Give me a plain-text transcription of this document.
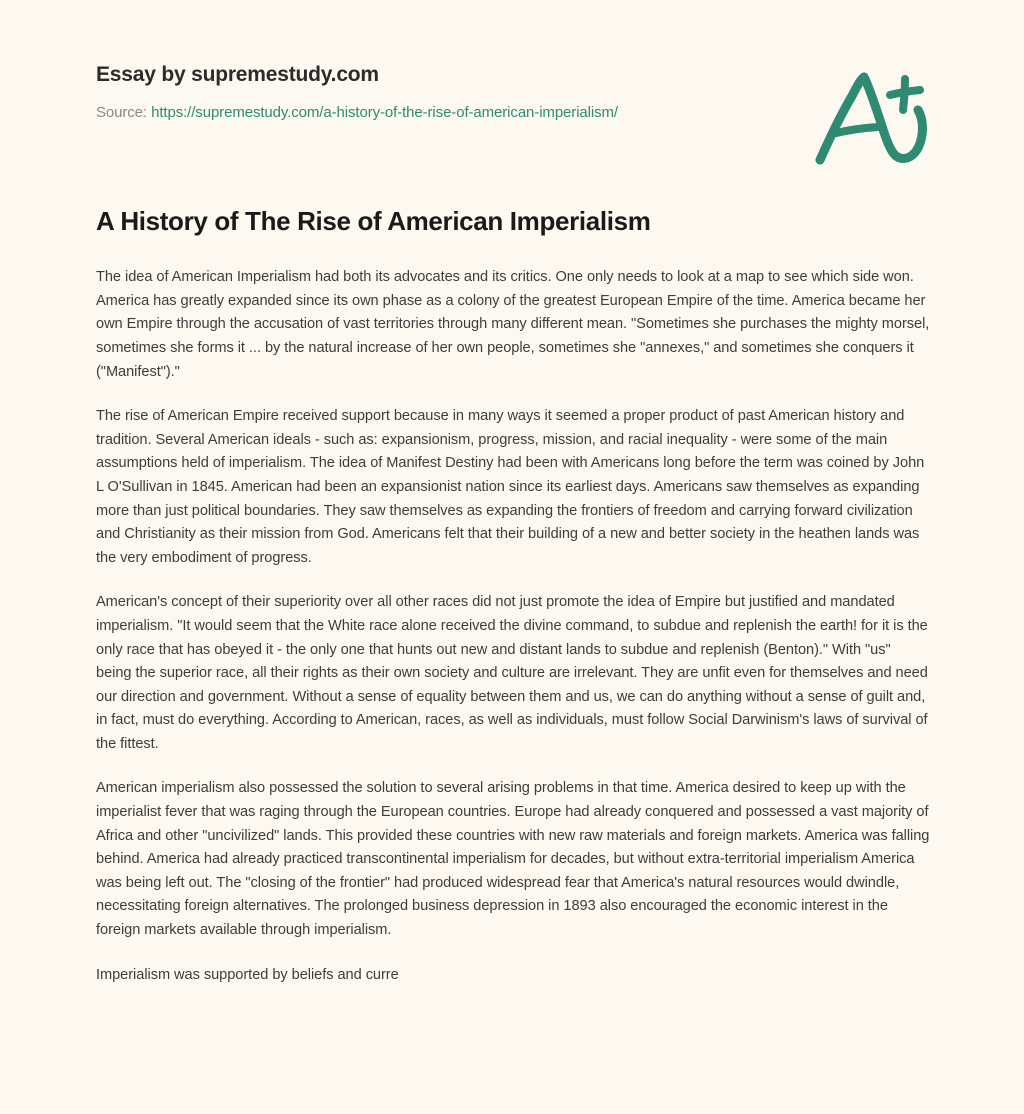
Essay by supremestudy.com
Source: https://supremestudy.com/a-history-of-the-rise-of-american-imperialism/
A History of The Rise of American Imperialism

The idea of American Imperialism had both its advocates and its critics. One only needs to look at a map to see which side won. America has greatly expanded since its own phase as a colony of the greatest European Empire of the time. America became her own Empire through the accusation of vast territories through many different mean. "Sometimes she purchases the mighty morsel, sometimes she forms it ... by the natural increase of her own people, sometimes she "annexes," and sometimes she conquers it ("Manifest")."

The rise of American Empire received support because in many ways it seemed a proper product of past American history and tradition. Several American ideals - such as: expansionism, progress, mission, and racial inequality - were some of the main assumptions held of imperialism. The idea of Manifest Destiny had been with Americans long before the term was coined by John L O'Sullivan in 1845. American had been an expansionist nation since its earliest days. Americans saw themselves as expanding more than just political boundaries. They saw themselves as expanding the frontiers of freedom and carrying forward civilization and Christianity as their mission from God. Americans felt that their building of a new and better society in the heathen lands was the very embodiment of progress.

American's concept of their superiority over all other races did not just promote the idea of Empire but justified and mandated imperialism. "It would seem that the White race alone received the divine command, to subdue and replenish the earth! for it is the only race that has obeyed it - the only one that hunts out new and distant lands to subdue and replenish (Benton)." With "us" being the superior race, all their rights as their own society and culture are irrelevant. They are unfit even for themselves and need our direction and government. Without a sense of equality between them and us, we can do anything without a sense of guilt and, in fact, must do everything. According to American, races, as well as individuals, must follow Social Darwinism's laws of survival of the fittest.

American imperialism also possessed the solution to several arising problems in that time. America desired to keep up with the imperialist fever that was raging through the European countries. Europe had already conquered and possessed a vast majority of Africa and other "uncivilized" lands. This provided these countries with new raw materials and foreign markets. America was falling behind. America had already practiced transcontinental imperialism for decades, but without extra-territorial imperialism America was being left out. The "closing of the frontier" had produced widespread fear that America's natural resources would dwindle, necessitating foreign alternatives. The prolonged business depression in 1893 also encouraged the economic interest in the foreign markets available through imperialism.

Imperialism was supported by beliefs and curre
